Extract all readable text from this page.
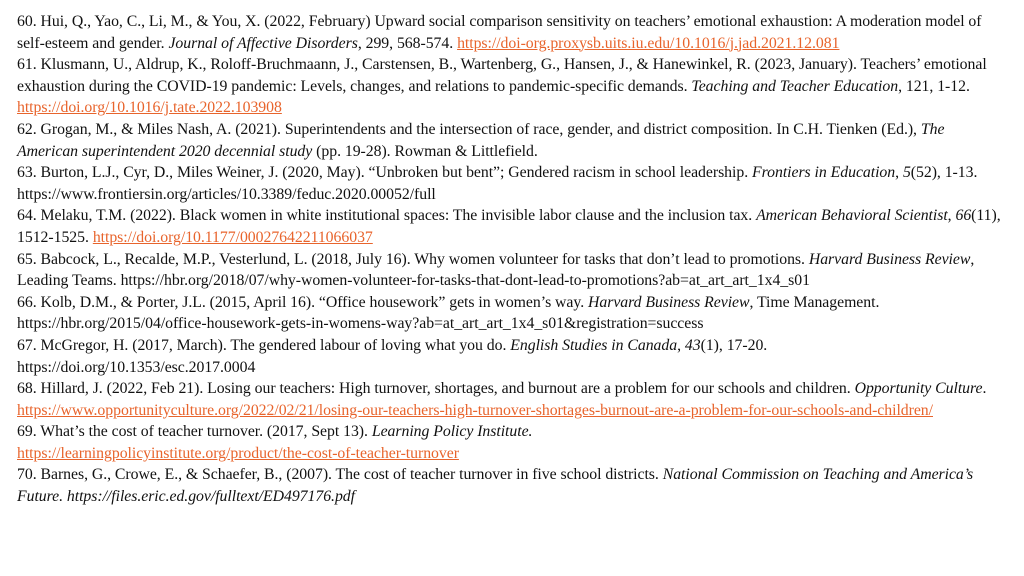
60. Hui, Q., Yao, C., Li, M., & You, X. (2022, February) Upward social comparison sensitivity on teachers’ emotional exhaustion: A moderation model of self-esteem and gender. Journal of Affective Disorders, 299, 568-574. https://doi-org.proxysb.uits.iu.edu/10.1016/j.jad.2021.12.081

61. Klusmann, U., Aldrup, K., Roloff-Bruchmaann, J., Carstensen, B., Wartenberg, G., Hansen, J., & Hanewinkel, R. (2023, January). Teachers’ emotional exhaustion during the COVID-19 pandemic: Levels, changes, and relations to pandemic-specific demands. Teaching and Teacher Education, 121, 1-12. https://doi.org/10.1016/j.tate.2022.103908

62. Grogan, M., & Miles Nash, A. (2021). Superintendents and the intersection of race, gender, and district composition. In C.H. Tienken (Ed.), The American superintendent 2020 decennial study (pp. 19-28). Rowman & Littlefield.

63. Burton, L.J., Cyr, D., Miles Weiner, J. (2020, May). “Unbroken but bent”; Gendered racism in school leadership. Frontiers in Education, 5(52), 1-13. https://www.frontiersin.org/articles/10.3389/feduc.2020.00052/full

64. Melaku, T.M. (2022). Black women in white institutional spaces: The invisible labor clause and the inclusion tax. American Behavioral Scientist, 66(11), 1512-1525. https://doi.org/10.1177/00027642211066037

65. Babcock, L., Recalde, M.P., Vesterlund, L. (2018, July 16). Why women volunteer for tasks that don’t lead to promotions. Harvard Business Review, Leading Teams. https://hbr.org/2018/07/why-women-volunteer-for-tasks-that-dont-lead-to-promotions?ab=at_art_art_1x4_s01

66. Kolb, D.M., & Porter, J.L. (2015, April 16). “Office housework” gets in women’s way. Harvard Business Review, Time Management. https://hbr.org/2015/04/office-housework-gets-in-womens-way?ab=at_art_art_1x4_s01&registration=success

67. McGregor, H. (2017, March). The gendered labour of loving what you do. English Studies in Canada, 43(1), 17-20. https://doi.org/10.1353/esc.2017.0004

68. Hillard, J. (2022, Feb 21). Losing our teachers: High turnover, shortages, and burnout are a problem for our schools and children. Opportunity Culture. https://www.opportunityculture.org/2022/02/21/losing-our-teachers-high-turnover-shortages-burnout-are-a-problem-for-our-schools-and-children/

69. What’s the cost of teacher turnover. (2017, Sept 13). Learning Policy Institute.
https://learningpolicyinstitute.org/product/the-cost-of-teacher-turnover

70. Barnes, G., Crowe, E., & Schaefer, B., (2007). The cost of teacher turnover in five school districts. National Commission on Teaching and America’s Future. https://files.eric.ed.gov/fulltext/ED497176.pdf
